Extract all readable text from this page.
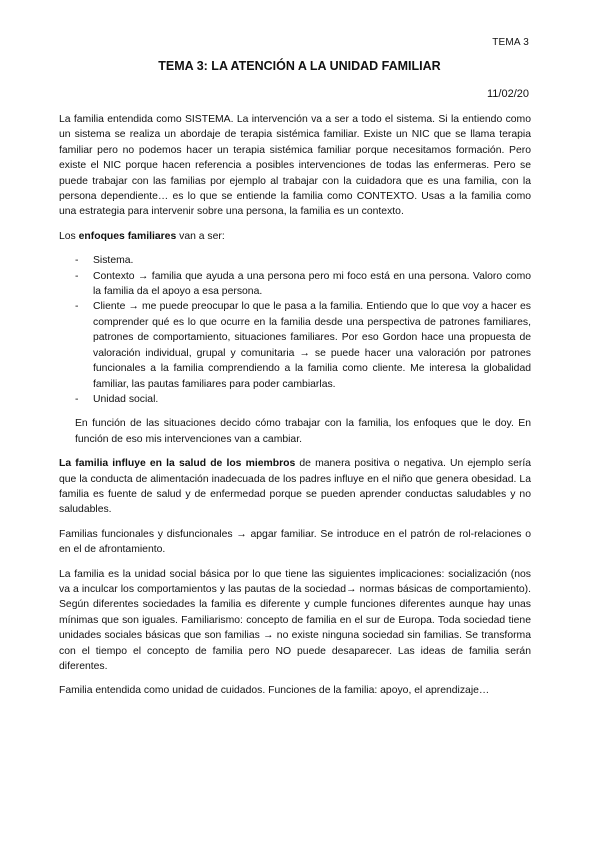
TEMA 3
TEMA 3: LA ATENCIÓN A LA UNIDAD FAMILIAR
11/02/20

La familia entendida como SISTEMA. La intervención va a ser a todo el sistema. Si la entiendo como un sistema se realiza un abordaje de terapia sistémica familiar. Existe un NIC que se llama terapia familiar pero no podemos hacer un terapia sistémica familiar porque necesitamos formación. Pero existe el NIC porque hacen referencia a posibles intervenciones de todas las enfermeras. Pero se puede trabajar con las familias por ejemplo al trabajar con la cuidadora que es una familia, con la persona dependiente… es lo que se entiende la familia como CONTEXTO. Usas a la familia como una estrategia para intervenir sobre una persona, la familia es un contexto.

Los enfoques familiares van a ser:

- Sistema.
- Contexto → familia que ayuda a una persona pero mi foco está en una persona. Valoro como la familia da el apoyo a esa persona.
- Cliente → me puede preocupar lo que le pasa a la familia. Entiendo que lo que voy a hacer es comprender qué es lo que ocurre en la familia desde una perspectiva de patrones familiares, patrones de comportamiento, situaciones familiares. Por eso Gordon hace una propuesta de valoración individual, grupal y comunitaria → se puede hacer una valoración por patrones funcionales a la familia comprendiendo a la familia como cliente. Me interesa la globalidad familiar, las pautas familiares para poder cambiarlas.
- Unidad social.

En función de las situaciones decido cómo trabajar con la familia, los enfoques que le doy. En función de eso mis intervenciones van a cambiar.

La familia influye en la salud de los miembros de manera positiva o negativa. Un ejemplo sería que la conducta de alimentación inadecuada de los padres influye en el niño que genera obesidad. La familia es fuente de salud y de enfermedad porque se pueden aprender conductas saludables y no saludables.

Familias funcionales y disfuncionales → apgar familiar. Se introduce en el patrón de rol-relaciones o en el de afrontamiento.

La familia es la unidad social básica por lo que tiene las siguientes implicaciones: socialización (nos va a inculcar los comportamientos y las pautas de la sociedad→ normas básicas de comportamiento). Según diferentes sociedades la familia es diferente y cumple funciones diferentes aunque hay unas mínimas que son iguales. Familiarismo: concepto de familia en el sur de Europa. Toda sociedad tiene unidades sociales básicas que son familias → no existe ninguna sociedad sin familias. Se transforma con el tiempo el concepto de familia pero NO puede desaparecer. Las ideas de familia serán diferentes.

Familia entendida como unidad de cuidados. Funciones de la familia: apoyo, el aprendizaje…
